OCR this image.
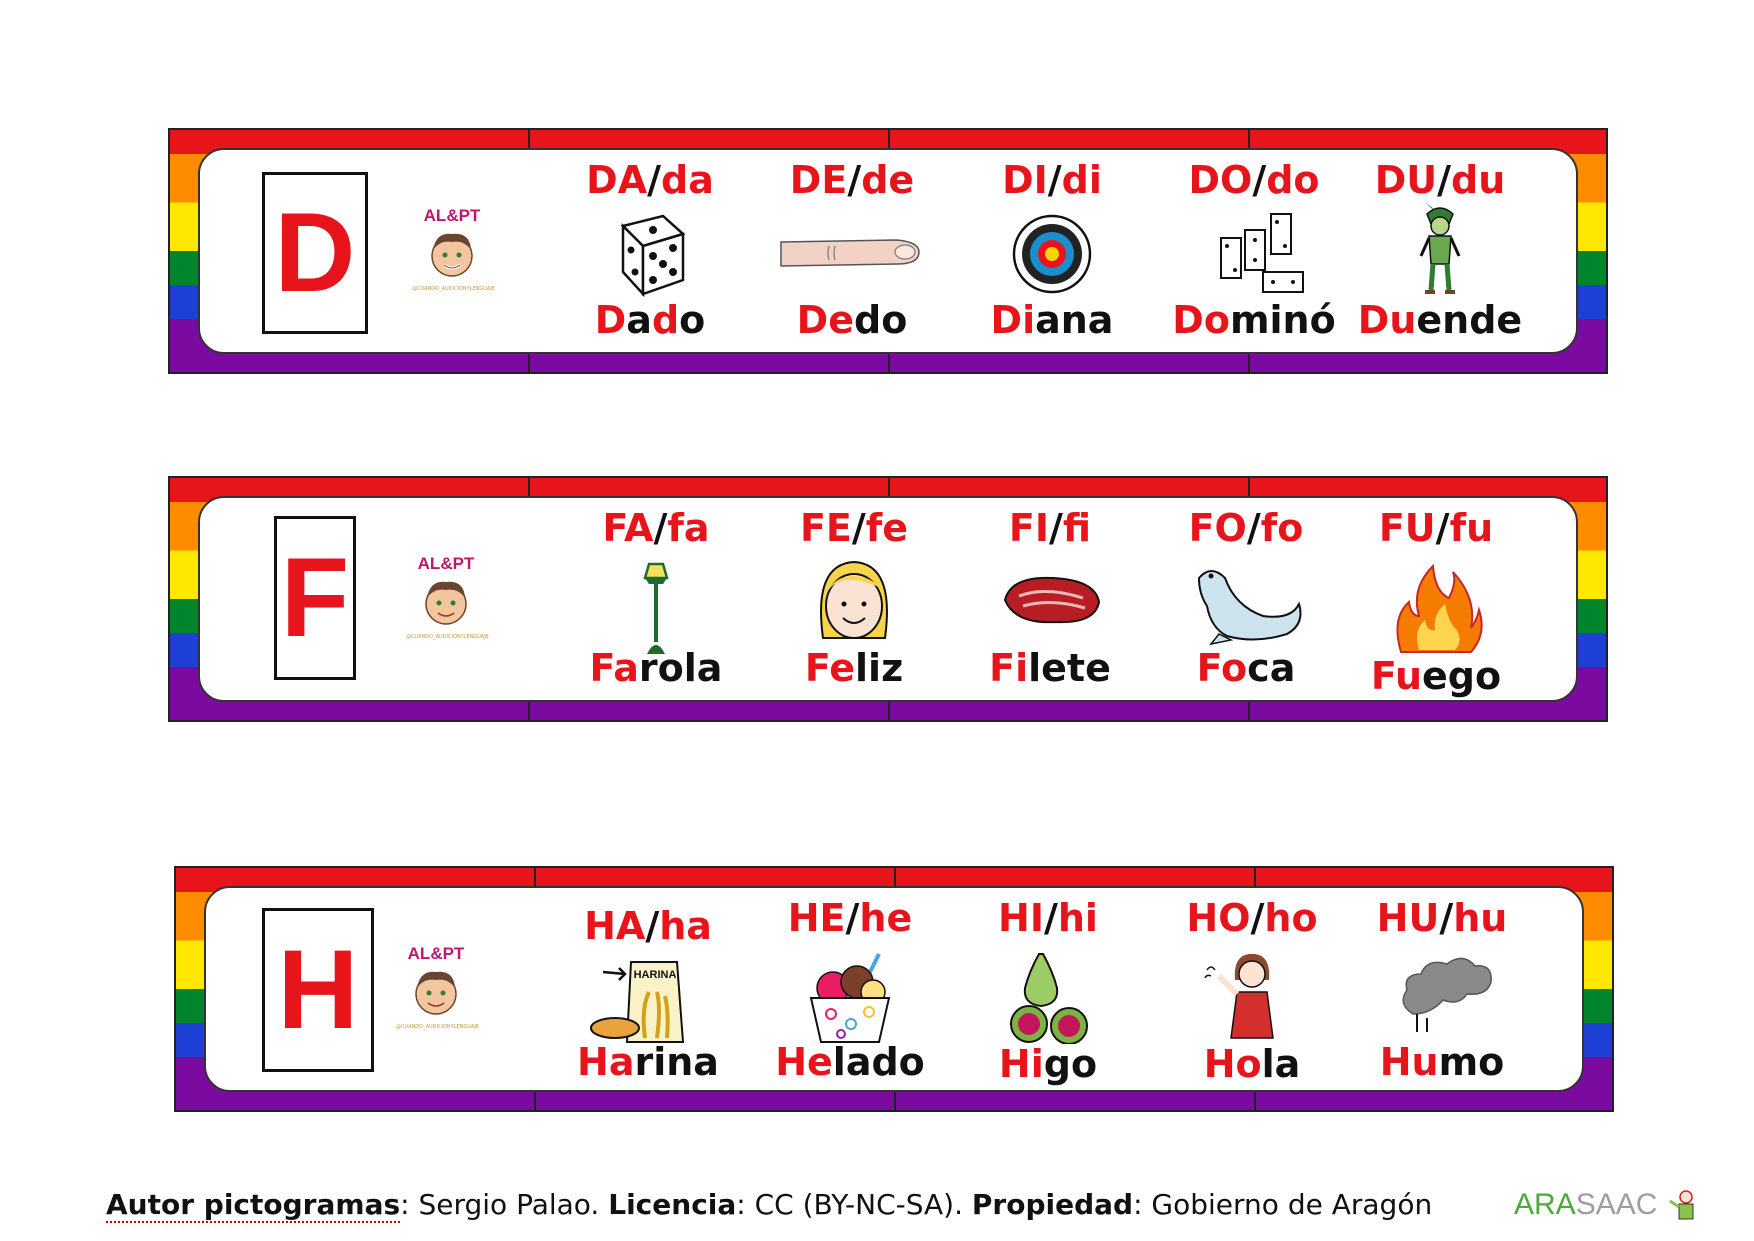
D	AL&PT
@CUANDO_AUDICIONYLENGUAJE
DA/da
Dado
DE/de
Dedo
DI/di
Diana
DO/do
Dominó
DU/du
Duende
F	AL&PT
@CUANDO_AUDICIONYLENGUAJE
FA/fa
Farola
FE/fe
Feliz
FI/fi
Filete
FO/fo
Foca
FU/fu
Fuego
H	AL&PT
@CUANDO_AUDICIONYLENGUAJE
HA/ha
HARINA
Harina
HE/he
Helado
HI/hi
Higo
HO/ho
Hola
HU/hu
Humo
Autor pictogramas: Sergio Palao. Licencia: CC (BY-NC-SA). Propiedad: Gobierno de Aragón	ARASAAC
